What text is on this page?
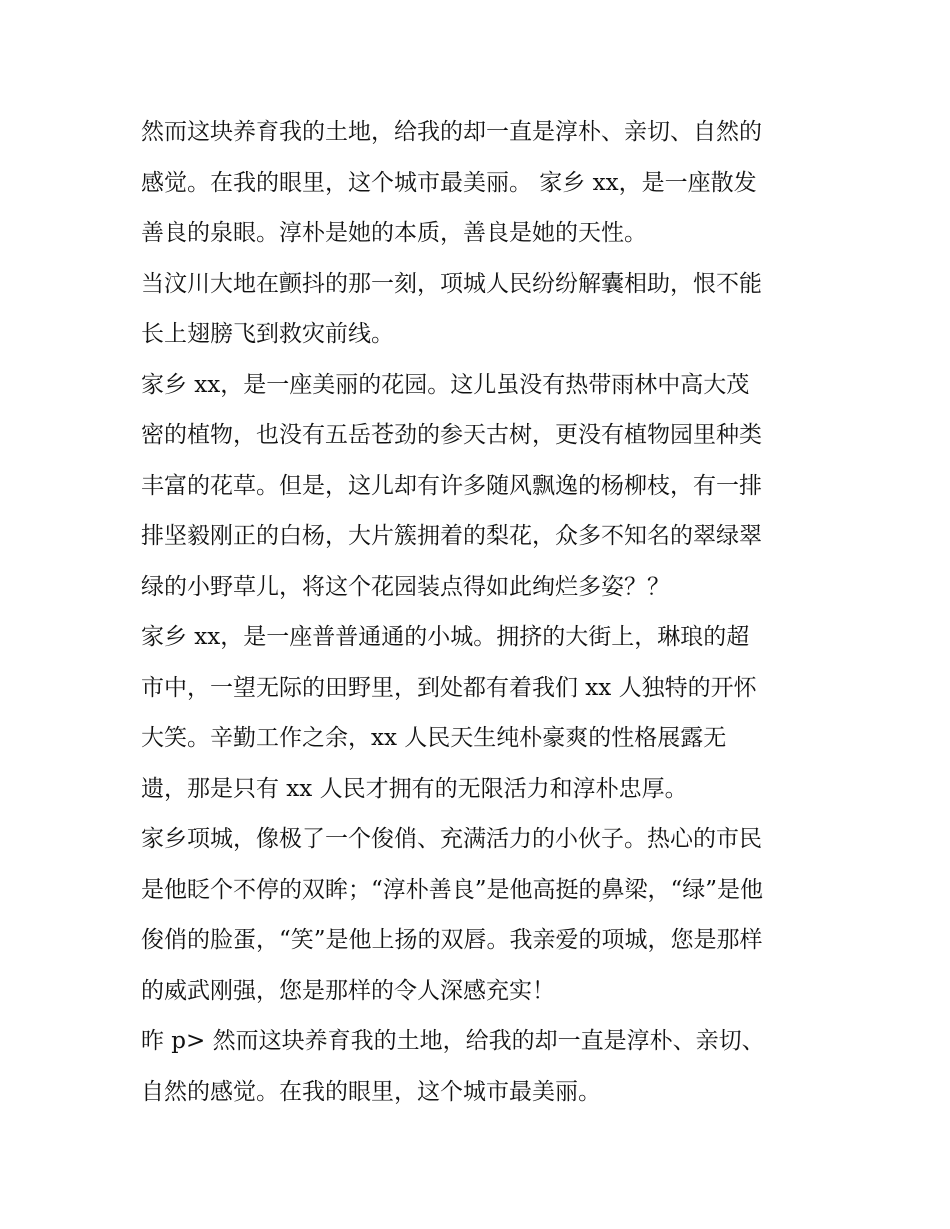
然而这块养育我的土地，给我的却一直是淳朴、亲切、自然的
感觉。在我的眼里，这个城市最美丽。 家乡 xx，是一座散发
善良的泉眼。淳朴是她的本质，善良是她的天性。
当汶川大地在颤抖的那一刻，项城人民纷纷解囊相助，恨不能
长上翅膀飞到救灾前线。
家乡 xx，是一座美丽的花园。这儿虽没有热带雨林中高大茂
密的植物，也没有五岳苍劲的参天古树，更没有植物园里种类
丰富的花草。但是，这儿却有许多随风飘逸的杨柳枝，有一排
排坚毅刚正的白杨，大片簇拥着的梨花，众多不知名的翠绿翠
绿的小野草儿，将这个花园装点得如此绚烂多姿？？
家乡 xx，是一座普普通通的小城。拥挤的大街上，琳琅的超
市中，一望无际的田野里，到处都有着我们 xx 人独特的开怀
大笑。辛勤工作之余，xx 人民天生纯朴豪爽的性格展露无
遗，那是只有 xx 人民才拥有的无限活力和淳朴忠厚。
家乡项城，像极了一个俊俏、充满活力的小伙子。热心的市民
是他眨个不停的双眸；“淳朴善良”是他高挺的鼻梁，“绿”是他
俊俏的脸蛋，“笑”是他上扬的双唇。我亲爱的项城，您是那样
的威武刚强，您是那样的令人深感充实！
昨 p> 然而这块养育我的土地，给我的却一直是淳朴、亲切、
自然的感觉。在我的眼里，这个城市最美丽。
